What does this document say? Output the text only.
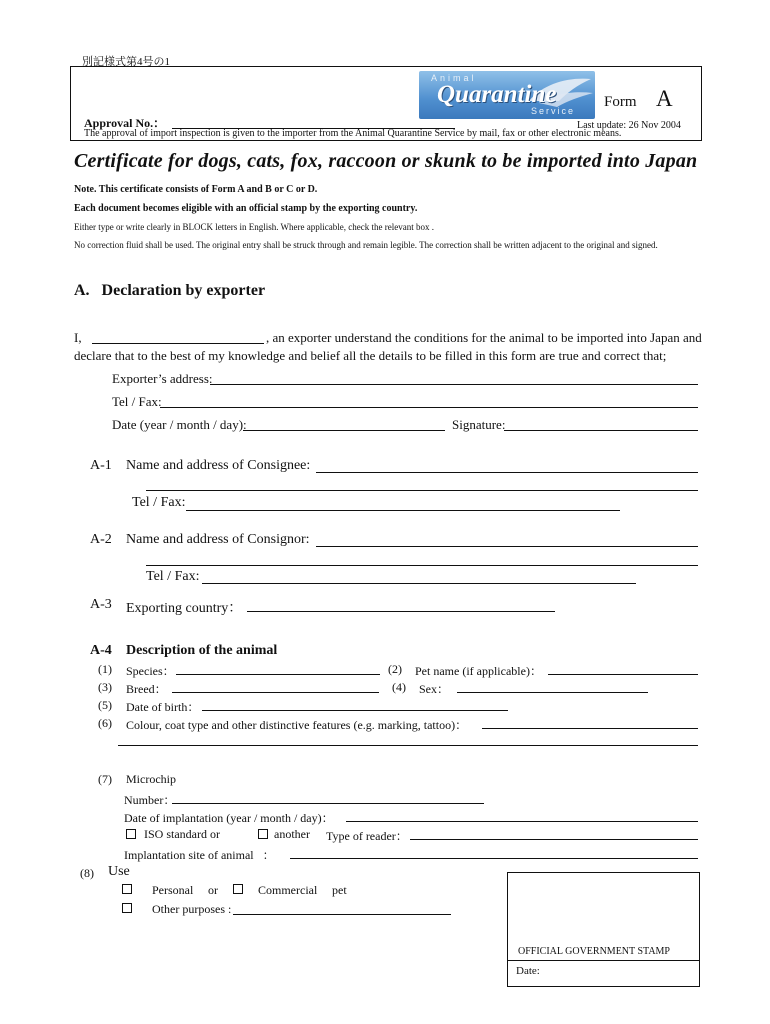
別記様式第4号の1
Animal
Quarantine
Service
Form A
Approval No.：	Last update: 26 Nov 2004
The approval of import inspection is given to the importer from the Animal Quarantine Service by mail, fax or other electronic means.
Certificate for dogs, cats, fox, raccoon or skunk to be imported into Japan
Note. This certificate consists of Form A and B or C or D.
Each document becomes eligible with an official stamp by the exporting country.
Either type or write clearly in BLOCK letters in English. Where applicable, check the relevant box .
No correction fluid shall be used. The original entry shall be struck through and remain legible. The correction shall be written adjacent to the original and signed.
A.   Declaration by exporter
I,	, an exporter understand the conditions for the animal to be imported into Japan and
declare that to the best of my knowledge and belief all the details to be filled in this form are true and correct that;
Exporter’s address:
Tel / Fax:
Date (year / month / day):	Signature:
A-1 Name and address of Consignee:
Tel / Fax:
A-2 Name and address of Consignor:
Tel / Fax:
A-3 Exporting country：
A-4 Description of the animal
(1) Species：	(2) Pet name (if applicable)：
(3) Breed：	(4) Sex：
(5) Date of birth：
(6) Colour, coat type and other distinctive features (e.g. marking, tattoo)：
(7) Microchip
Number：
Date of implantation (year / month / day)：
ISO standard or	another Type of reader：
Implantation site of animal   ：
(8) Use
Personal or	Commercial pet
Other purposes :
OFFICIAL GOVERNMENT STAMP
Date:
